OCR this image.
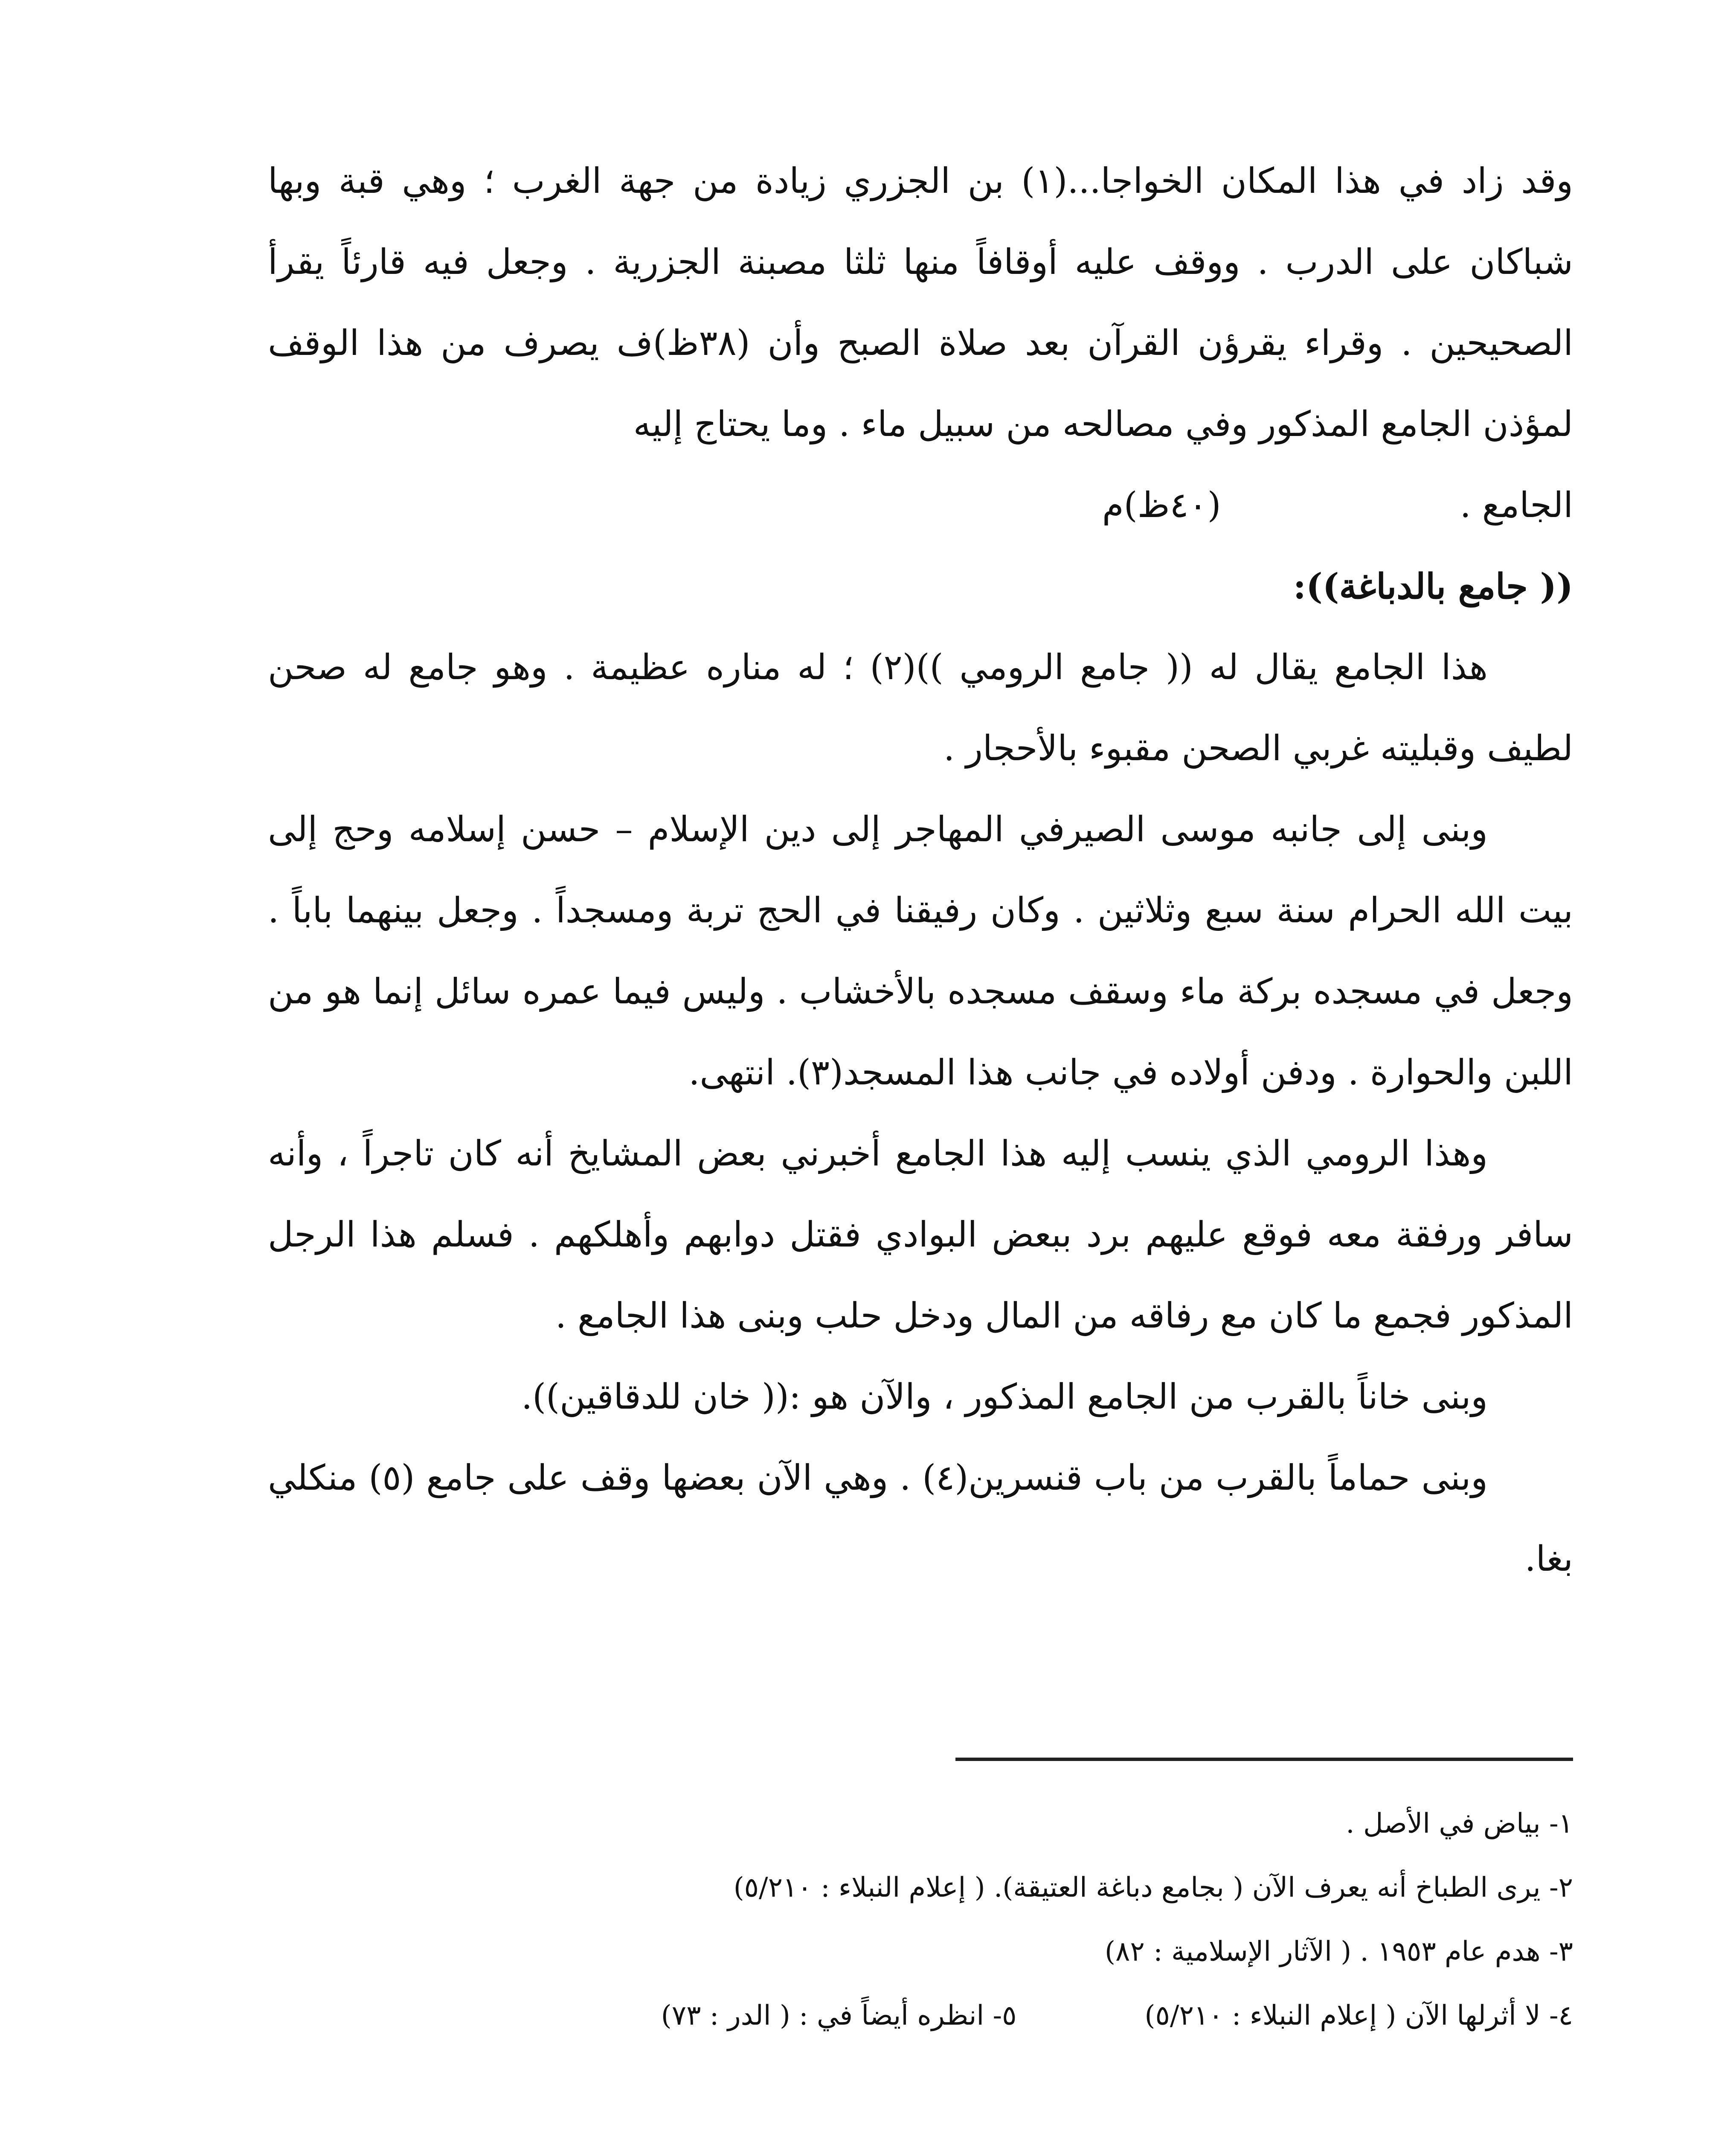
وقد زاد في هذا المكان الخواجا...(١) بن الجزري زيادة من جهة الغرب ؛ وهي قبة وبها شباكان على الدرب . ووقف عليه أوقافاً منها ثلثا مصبنة الجزرية . وجعل فيه قارئاً يقرأ الصحيحين . وقراء يقرؤن القرآن بعد صلاة الصبح وأن (٣٨ظ)ف يصرف من هذا الوقف لمؤذن الجامع المذكور وفي مصالحه من سبيل ماء . وما يحتاج إليه

الجامع .(٤٠ظ)م

(( جامع بالدباغة)):

هذا الجامع يقال له (( جامع الرومي ))(٢) ؛ له مناره عظيمة . وهو جامع له صحن لطيف وقبليته غربي الصحن مقبوء بالأحجار .

وبنى إلى جانبه موسى الصيرفي المهاجر إلى دين الإسلام – حسن إسلامه وحج إلى بيت الله الحرام سنة سبع وثلاثين . وكان رفيقنا في الحج تربة ومسجداً . وجعل بينهما باباً . وجعل في مسجده بركة ماء وسقف مسجده بالأخشاب . وليس فيما عمره سائل إنما هو من اللبن والحوارة . ودفن أولاده في جانب هذا المسجد(٣). انتهى.

وهذا الرومي الذي ينسب إليه هذا الجامع أخبرني بعض المشايخ أنه كان تاجراً ، وأنه سافر ورفقة معه فوقع عليهم برد ببعض البوادي فقتل دوابهم وأهلكهم . فسلم هذا الرجل المذكور فجمع ما كان مع رفاقه من المال ودخل حلب وبنى هذا الجامع .

وبنى خاناً بالقرب من الجامع المذكور ، والآن هو :(( خان للدقاقين)).

وبنى حماماً بالقرب من باب قنسرين(٤) . وهي الآن بعضها وقف على جامع (٥) منكلي بغا.

١- بياض في الأصل .

٢- يرى الطباخ أنه يعرف الآن ( بجامع دباغة العتيقة). ( إعلام النبلاء : ٥/٢١٠)

٣- هدم عام ١٩٥٣ . ( الآثار الإسلامية : ٨٢)

٤- لا أثرلها الآن ( إعلام النبلاء : ٥/٢١٠)٥- انظره أيضاً في : ( الدر : ٧٣)
